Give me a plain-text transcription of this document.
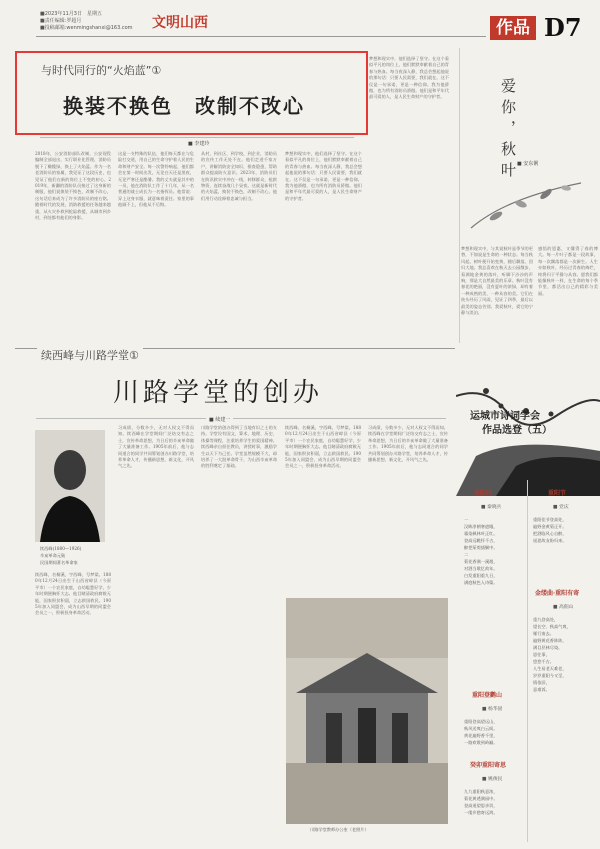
■2023年11月3日　星期五
■责任编辑:罗超月
■投稿邮箱:wenmingshanxi@163.com 文明山西	作品 D7
与时代同行的“火焰蓝”①
换装不换色　改制不改心
■ 李建玲
2018年，公安消防部队改制，公安现役编制全部退出，实行职业化管理，消防员脱下了橄榄绿，换上了火焰蓝。作为一名老消防员的家属，我见证了这段历史，也见证了他们在新的岗位上不变的初心。2019年，新疆的消防队员接过了这身新的制服，他们说换装不换色，改制不改心，这句话后来成为了许多消防员的座右铭。随着时代的发展，消防救援的任务越来越重，从火灾扑救到抢险救援，从城市到乡村，到处都有他们的身影。
这是一支特殊的队伍，他们每天都在与危险打交道，用自己的生命守护着人民的生命和财产安全。每一次警铃响起，他们都会在第一时间出发，无论白天还是黑夜，无论严寒还是酷暑。我的丈夫就是其中的一员，他在消防队工作了十几年，从一名普通的战士成长为一名指挥员。他常说：穿上这身衣服，就意味着责任。家里的事他顾不上，但他从不后悔。
从村，到社区，到学校，到企业，消防员的宣传工作无处不在。他们走进千家万户，讲解消防安全知识，排查隐患，帮助群众提高防火意识。2023年，消防员们在防汛救灾中冲在一线，转移群众，抢救物资，连续奋战几个昼夜。这就是新时代的火焰蓝，换装不换色，改制不改心，他们用行动诠释着忠诚与担当。
梦想和现实中，他们选择了坚守。在这个看似平凡的岗位上，他们默默奉献着自己的青春与热血。每当夜深人静，我总会想起他说的那句话：只要人民需要，我们就在。这不仅是一句承诺，更是一种信仰。我为他骄傲，也为所有消防员骄傲。他们是和平年代最可爱的人，是人民生命财产的守护者。
梦想和现实中，他们选择了坚守。在这个看似平凡的岗位上，他们默默奉献着自己的青春与热血。每当夜深人静，我总会想起他说的那句话：只要人民需要，我们就在。这不仅是一句承诺，更是一种信仰。我为他骄傲，也为所有消防员骄傲。他们是和平年代最可爱的人，是人民生命财产的守护者。	爱你，秋叶 ■ 安东俐
梦想和现实中，与其说秋叶是季节的更替，不如说是生命的一种状态。每当秋风起，树叶便开始变黄，随后飘落，回归大地。我总喜欢在秋天去公园散步，看满地金黄的落叶，听脚下沙沙的声响，那是大自然最美的乐章。秋叶没有春花的艳丽，没有夏叶的浓绿，却有着一种成熟的美、一种从容的美。它们在枝头经历了风雨，见证了四季，最后以最美的姿态告别。我爱秋叶，爱它的宁静与淡泊。
感悟的恩惠，又懂得了春的博大。每一片叶子都是一段故事，每一次飘落都是一次新生。人生亦如秋叶，经历过青春的绚烂，终将归于平静与从容。愿我们都能像秋叶一样，在生命的每个季节里，都活出自己的精彩与美丽。
续西峰与川路学堂①
川路学堂的创办
■ 续建一
续西峰(1880—1926)
辛亥革命元勋
民国期间著名革命家
续西峰，名桐溪，字西峰，号梦棠。1880年12月24日出生于山西省崞县（今原平市）一个农民家庭，自幼聪慧好学，少年时期便胸怀大志。他目睹清政府腐败无能，国家积贫积弱，立志救国救民。1905年加入同盟会，成为山西早期的同盟会会员之一，积极投身革命活动。
习成绩，分数多少，无对人权文不得而知。续西峰在学堂期间广泛结交有志之士，宣传革命思想，为日后的辛亥革命做了大量准备工作。1905年前后，他与志同道合的同学共同筹划创办川路学堂，培养革命人才，传播新思想、新文化，开风气之先。
川路学堂的创办得到了当地有识之士的支持。学堂设有国文、算术、地理、历史、体操等课程，注重培养学生的爱国精神。续西峰亲自担任教员，讲授时事，激励学生以天下为己任。学堂虽然规模不大，却培养了一大批革命骨干，为山西辛亥革命的胜利奠定了基础。
续西峰，名桐溪，字西峰，号梦棠。1880年12月24日出生于山西省崞县（今原平市）一个农民家庭，自幼聪慧好学，少年时期便胸怀大志。他目睹清政府腐败无能，国家积贫积弱，立志救国救民。1905年加入同盟会，成为山西早期的同盟会会员之一，积极投身革命活动。
习成绩，分数多少，无对人权文不得而知。续西峰在学堂期间广泛结交有志之士，宣传革命思想，为日后的辛亥革命做了大量准备工作。1905年前后，他与志同道合的同学共同筹划创办川路学堂，培养革命人才，传播新思想、新文化，开风气之先。
川路学堂教师办公室（老照片）
运城市诗词学会
作品选登（五）
重阳吟
■ 秦晓兵
一
汉眸净朝寒遮眼，
霜染枫林叶正红。
登高远眺怀千古，
醉把茱萸插鬓中。
二
菊花香满一溪烟，
对酒当歌忆故年。
白发重阳重九日，
满庭秋色入诗篇。
重阳登鹳山
■ 杨华固
重阳登高望远山，
秋风送爽白云间。
黄花遍野香千里，
一路欢歌到岭巅。
癸卯重阳寄思
■ 姚俊民
九九重阳秋意浓，
菊花黄透满园中。
登高遥望思亲切，
一缕乡愁寄远鸿。
重阳节
■ 党庆
重阳佳节登高处，
遍野金黄菊正开。
把酒临风心自醉，
遥思故友盼归来。
金缕曲·重阳有寄
■ 高佃山
重九登高处，
望长空、秋高气爽，
雁行南去。
遍野黄花香阵阵，
满目层林尽染。
思往事，
悠悠千古。
人生易老天难老，
岁岁重阳今又至，
情依旧，
意难诉。
